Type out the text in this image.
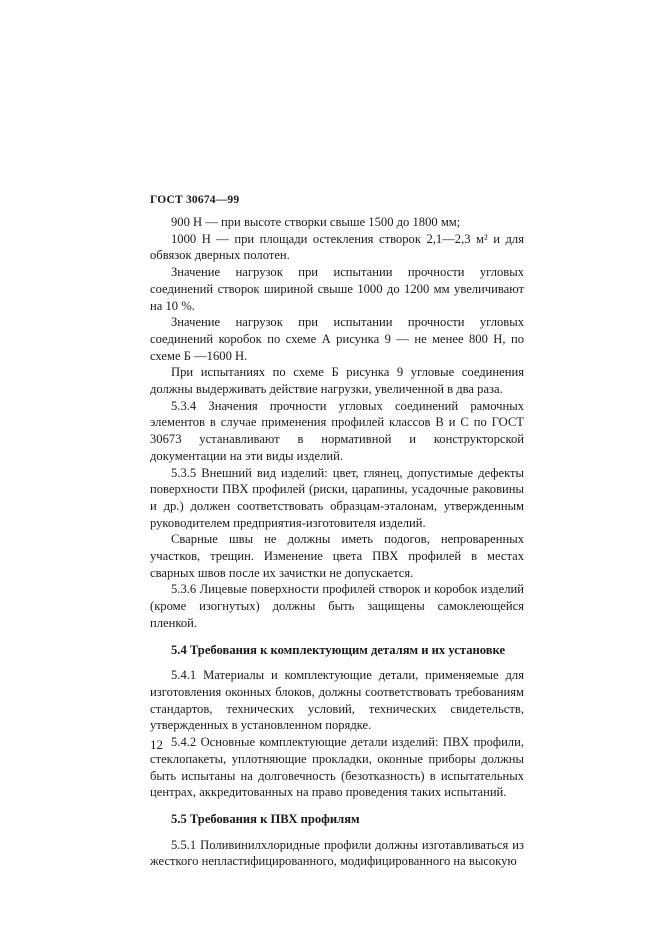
ГОСТ 30674—99

900 Н — при высоте створки свыше 1500 до 1800 мм;

1000 Н — при площади остекления створок 2,1—2,3 м² и для обвязок дверных полотен.

Значение нагрузок при испытании прочности угловых соединений створок шириной свыше 1000 до 1200 мм увеличивают на 10 %.

Значение нагрузок при испытании прочности угловых соединений коробок по схеме А рисунка 9 — не менее 800 Н, по схеме Б —1600 Н.

При испытаниях по схеме Б рисунка 9 угловые соединения должны выдерживать действие нагрузки, увеличенной в два раза.

5.3.4 Значения прочности угловых соединений рамочных элементов в случае применения профилей классов В и С по ГОСТ 30673 устанавливают в нормативной и конструкторской документации на эти виды изделий.

5.3.5 Внешний вид изделий: цвет, глянец, допустимые дефекты поверхности ПВХ профилей (риски, царапины, усадочные раковины и др.) должен соответствовать образцам-эталонам, утвержденным руководителем предприятия-изготовителя изделий.

Сварные швы не должны иметь подогов, непроваренных участков, трещин. Изменение цвета ПВХ профилей в местах сварных швов после их зачистки не допускается.

5.3.6 Лицевые поверхности профилей створок и коробок изделий (кроме изогнутых) должны быть защищены самоклеющейся пленкой.

5.4 Требования к комплектующим деталям и их установке

5.4.1 Материалы и комплектующие детали, применяемые для изготовления оконных блоков, должны соответствовать требованиям стандартов, технических условий, технических свидетельств, утвержденных в установленном порядке.

5.4.2 Основные комплектующие детали изделий: ПВХ профили, стеклопакеты, уплотняющие прокладки, оконные приборы должны быть испытаны на долговечность (безотказность) в испытательных центрах, аккредитованных на право проведения таких испытаний.

5.5 Требования к ПВХ профилям

5.5.1 Поливинилхлоридные профили должны изготавливаться из жесткого непластифицированного, модифицированного на высокую

12
